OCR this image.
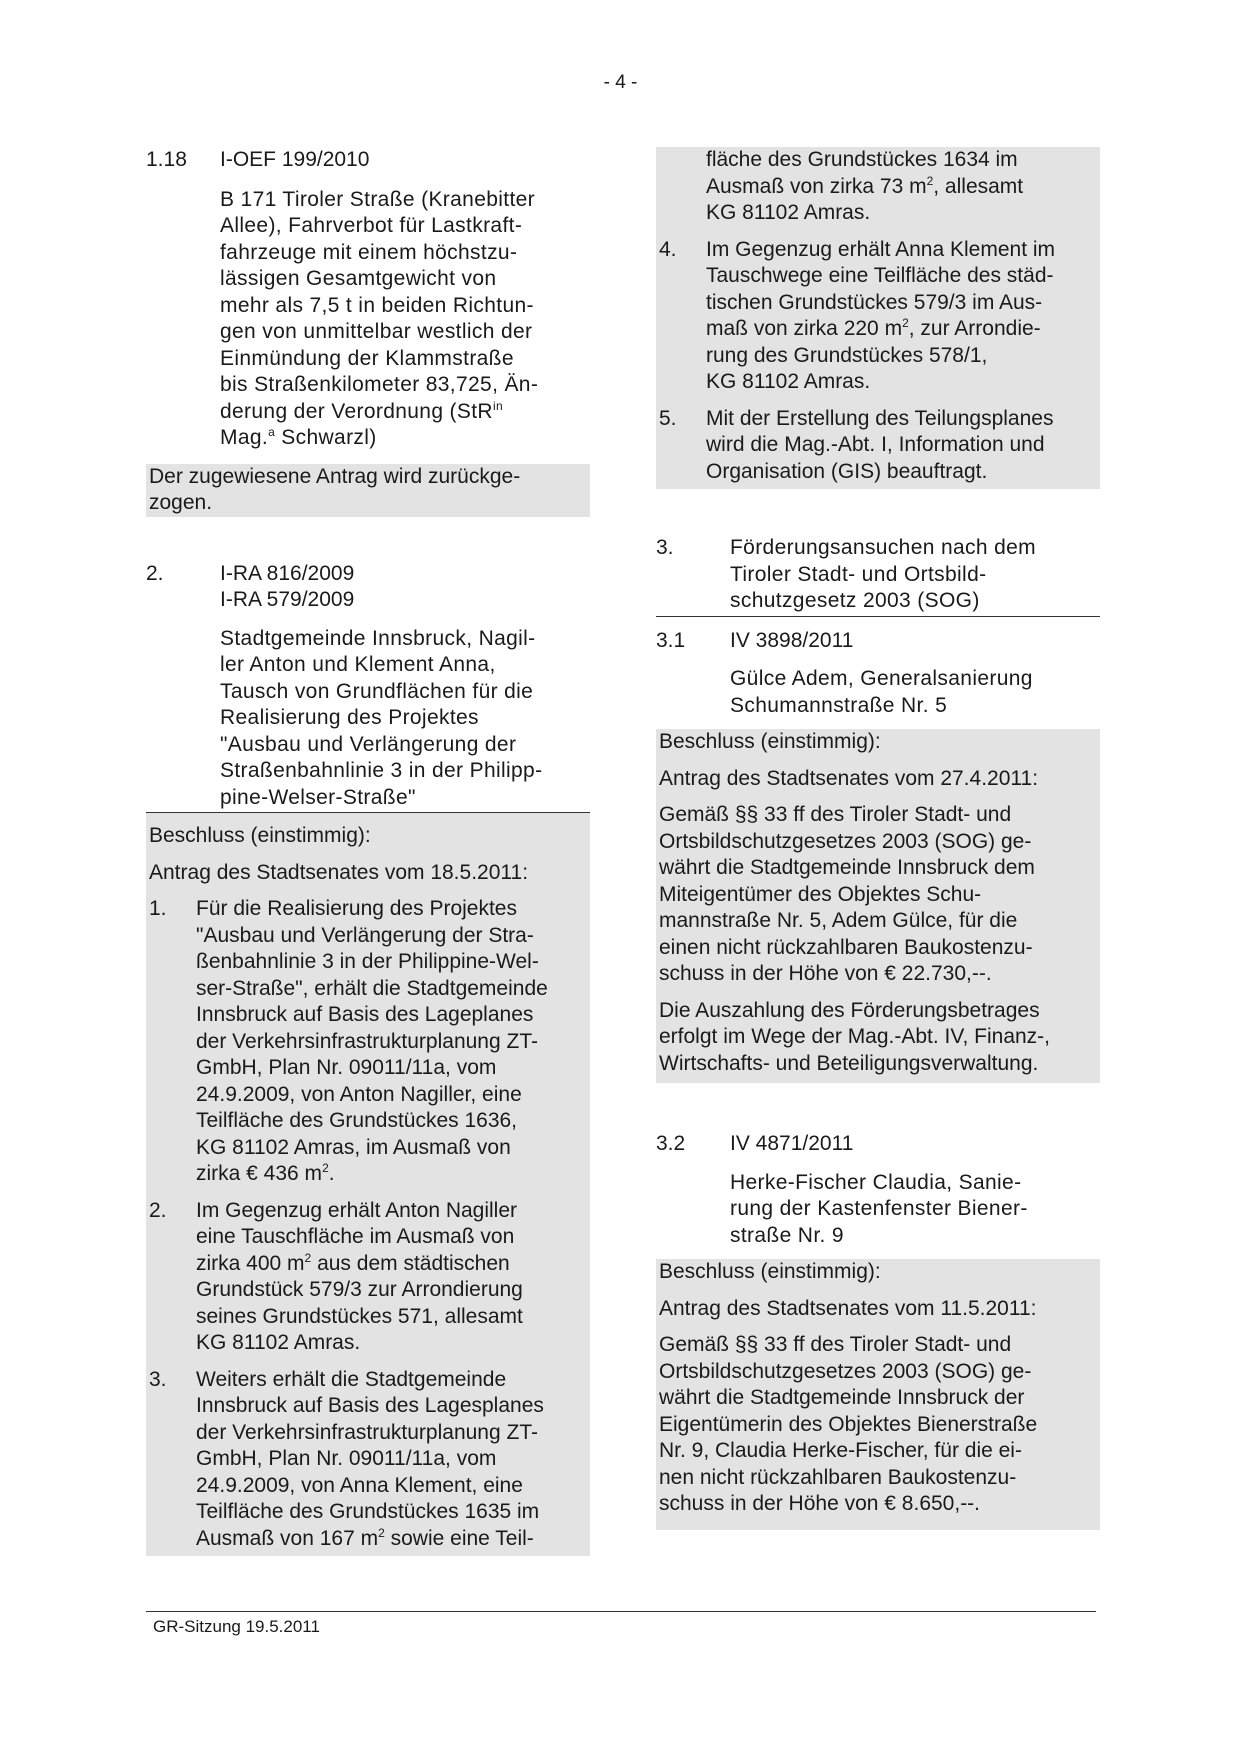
- 4 -
1.18	I-OEF 199/2010
B 171 Tiroler Straße (Kranebitter
Allee), Fahrverbot für Lastkraft-
fahrzeuge mit einem höchstzu-
lässigen Gesamtgewicht von
mehr als 7,5 t in beiden Richtun-
gen von unmittelbar westlich der
Einmündung der Klammstraße
bis Straßenkilometer 83,725, Än-
derung der Verordnung (StR$^{in}$
Mag.$^a$ Schwarzl)
Der zugewiesene Antrag wird zurückge-
zogen.
2.	I-RA 816/2009
I-RA 579/2009
Stadtgemeinde Innsbruck, Nagil-
ler Anton und Klement Anna,
Tausch von Grundflächen für die
Realisierung des Projektes
"Ausbau und Verlängerung der
Straßenbahnlinie 3 in der Philipp-
pine-Welser-Straße"
Beschluss (einstimmig):
Antrag des Stadtsenates vom 18.5.2011:
1.	Für die Realisierung des Projektes
"Ausbau und Verlängerung der Stra-
ßenbahnlinie 3 in der Philippine-Wel-
ser-Straße", erhält die Stadtgemeinde
Innsbruck auf Basis des Lageplanes
der Verkehrsinfrastrukturplanung ZT-
GmbH, Plan Nr. 09011/11a, vom
24.9.2009, von Anton Nagiller, eine
Teilfläche des Grundstückes 1636,
KG 81102 Amras, im Ausmaß von
zirka € 436 $m^2$.
2.	Im Gegenzug erhält Anton Nagiller
eine Tauschfläche im Ausmaß von
zirka 400 $m^2$ aus dem städtischen
Grundstück 579/3 zur Arrondierung
seines Grundstückes 571, allesamt
KG 81102 Amras.
3.	Weiters erhält die Stadtgemeinde
Innsbruck auf Basis des Lagesplanes
der Verkehrsinfrastrukturplanung ZT-
GmbH, Plan Nr. 09011/11a, vom
24.9.2009, von Anna Klement, eine
Teilfläche des Grundstückes 1635 im
Ausmaß von 167 $m^2$ sowie eine Teil-
fläche des Grundstückes 1634 im
Ausmaß von zirka 73 $m^2$, allesamt
KG 81102 Amras.
4.	Im Gegenzug erhält Anna Klement im
Tauschwege eine Teilfläche des städ-
tischen Grundstückes 579/3 im Aus-
maß von zirka 220 $m^2$, zur Arrondie-
rung des Grundstückes 578/1,
KG 81102 Amras.
5.	Mit der Erstellung des Teilungsplanes
wird die Mag.-Abt. I, Information und
Organisation (GIS) beauftragt.
3.	Förderungsansuchen nach dem
Tiroler Stadt- und Ortsbild-
schutzgesetz 2003 (SOG)
3.1	IV 3898/2011
Gülce Adem, Generalsanierung
Schumannstraße Nr. 5
Beschluss (einstimmig):
Antrag des Stadtsenates vom 27.4.2011:
Gemäß §§ 33 ff des Tiroler Stadt- und
Ortsbildschutzgesetzes 2003 (SOG) ge-
währt die Stadtgemeinde Innsbruck dem
Miteigentümer des Objektes Schu-
mannstraße Nr. 5, Adem Gülce, für die
einen nicht rückzahlbaren Baukostenzu-
schuss in der Höhe von € 22.730,--.
Die Auszahlung des Förderungsbetrages
erfolgt im Wege der Mag.-Abt. IV, Finanz-,
Wirtschafts- und Beteiligungsverwaltung.
3.2	IV 4871/2011
Herke-Fischer Claudia, Sanie-
rung der Kastenfenster Biener-
straße Nr. 9
Beschluss (einstimmig):
Antrag des Stadtsenates vom 11.5.2011:
Gemäß §§ 33 ff des Tiroler Stadt- und
Ortsbildschutzgesetzes 2003 (SOG) ge-
währt die Stadtgemeinde Innsbruck der
Eigentümerin des Objektes Bienerstraße
Nr. 9, Claudia Herke-Fischer, für die ei-
nen nicht rückzahlbaren Baukostenzu-
schuss in der Höhe von € 8.650,--.
GR-Sitzung 19.5.2011
